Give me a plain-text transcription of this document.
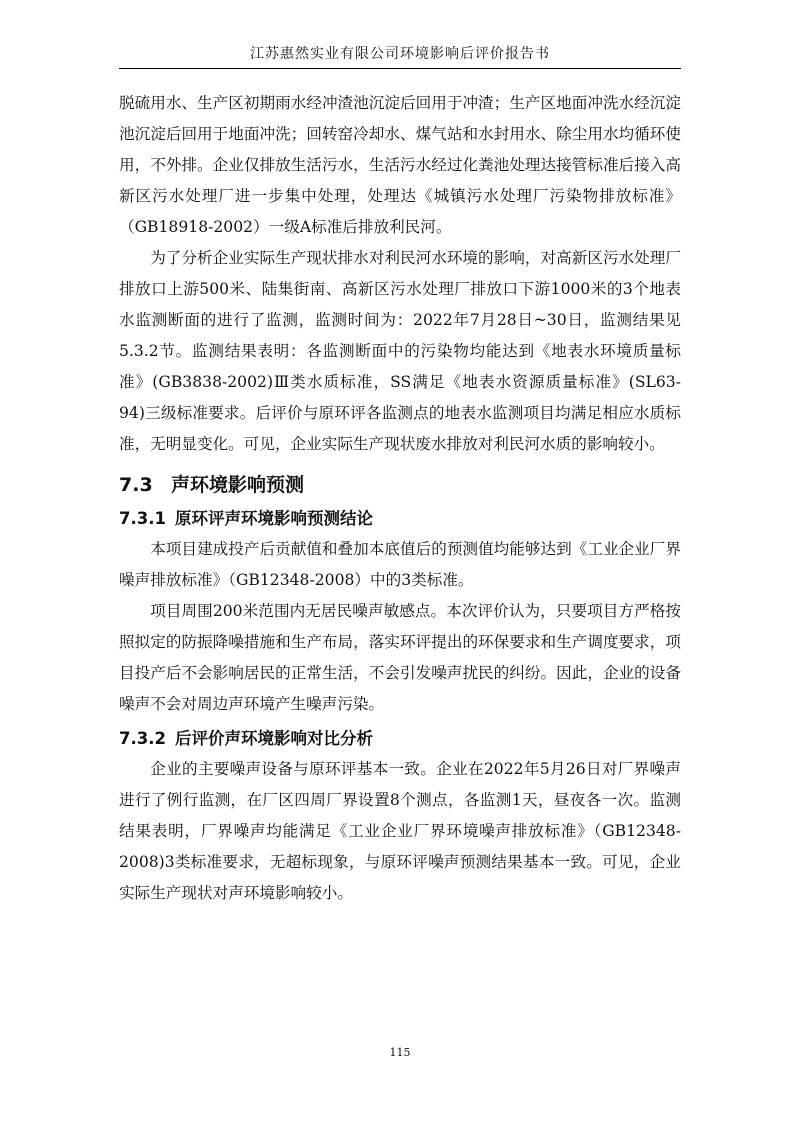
江苏惠然实业有限公司环境影响后评价报告书

脱硫用水、生产区初期雨水经冲渣池沉淀后回用于冲渣；生产区地面冲洗水经沉淀池沉淀后回用于地面冲洗；回转窑冷却水、煤气站和水封用水、除尘用水均循环使用，不外排。企业仅排放生活污水，生活污水经过化粪池处理达接管标准后接入高新区污水处理厂进一步集中处理，处理达《城镇污水处理厂污染物排放标准》（GB18918-2002）一级A标准后排放利民河。

为了分析企业实际生产现状排水对利民河水环境的影响，对高新区污水处理厂排放口上游500米、陆集街南、高新区污水处理厂排放口下游1000米的3个地表水监测断面的进行了监测，监测时间为：2022年7月28日~30日，监测结果见5.3.2节。监测结果表明：各监测断面中的污染物均能达到《地表水环境质量标准》(GB3838-2002)Ⅲ类水质标准，SS满足《地表水资源质量标准》(SL63-94)三级标准要求。后评价与原环评各监测点的地表水监测项目均满足相应水质标准，无明显变化。可见，企业实际生产现状废水排放对利民河水质的影响较小。

7.3 声环境影响预测
7.3.1 原环评声环境影响预测结论

本项目建成投产后贡献值和叠加本底值后的预测值均能够达到《工业企业厂界噪声排放标准》（GB12348-2008）中的3类标准。

项目周围200米范围内无居民噪声敏感点。本次评价认为，只要项目方严格按照拟定的防振降噪措施和生产布局，落实环评提出的环保要求和生产调度要求，项目投产后不会影响居民的正常生活，不会引发噪声扰民的纠纷。因此，企业的设备噪声不会对周边声环境产生噪声污染。

7.3.2 后评价声环境影响对比分析

企业的主要噪声设备与原环评基本一致。企业在2022年5月26日对厂界噪声进行了例行监测，在厂区四周厂界设置8个测点，各监测1天，昼夜各一次。监测结果表明，厂界噪声均能满足《工业企业厂界环境噪声排放标准》（GB12348-2008)3类标准要求，无超标现象，与原环评噪声预测结果基本一致。可见，企业实际生产现状对声环境影响较小。

115
